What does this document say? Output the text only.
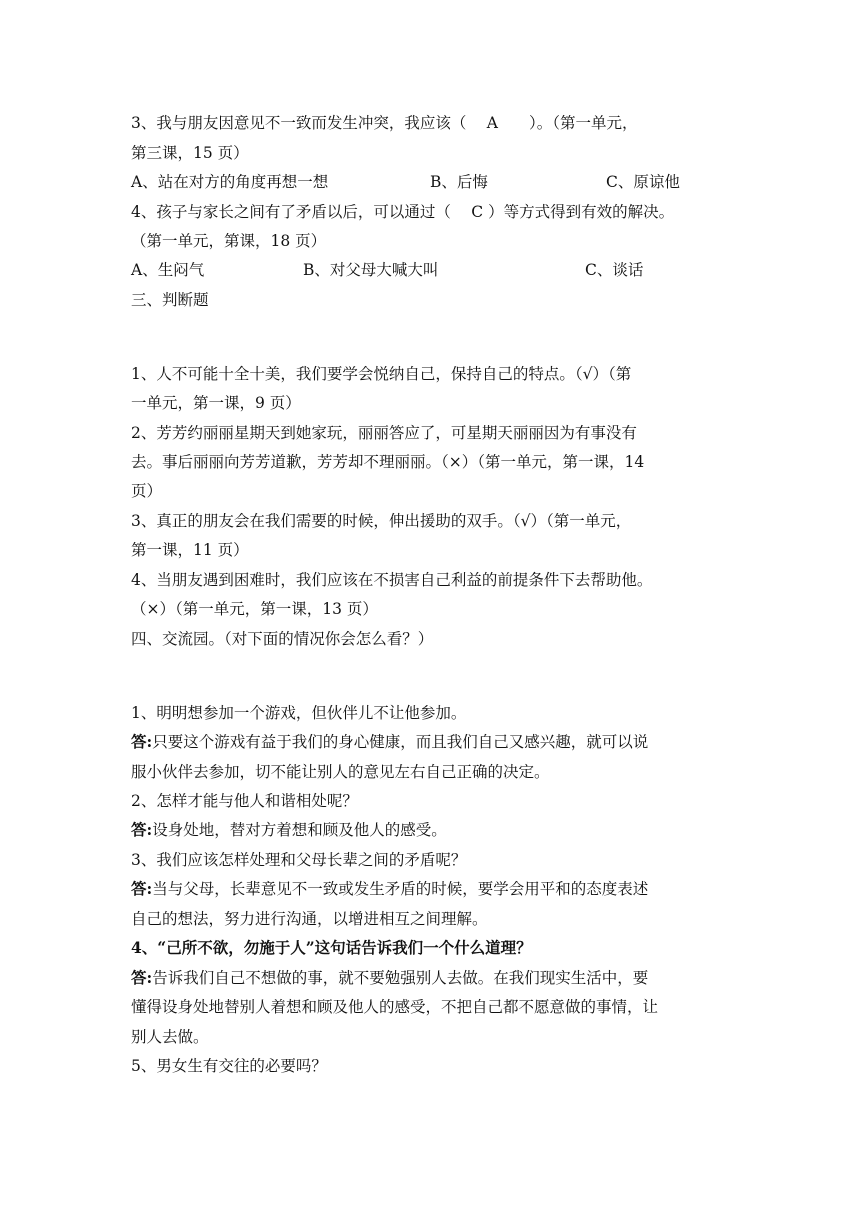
3、我与朋友因意见不一致而发生冲突，我应该（　 A　　）。（第一单元，
第三课，15 页）
A、站在对方的角度再想一想	B、后悔	C、原谅他
4、孩子与家长之间有了矛盾以后，可以通过（　 C ）等方式得到有效的解决。
（第一单元，第课，18 页）
A、生闷气	B、对父母大喊大叫	C、谈话
三、判断题
1、人不可能十全十美，我们要学会悦纳自己，保持自己的特点。（√）（第
一单元，第一课，9 页）
2、芳芳约丽丽星期天到她家玩，丽丽答应了，可星期天丽丽因为有事没有
去。事后丽丽向芳芳道歉，芳芳却不理丽丽。（×）（第一单元，第一课，14
页）
3、真正的朋友会在我们需要的时候，伸出援助的双手。（√）（第一单元，
第一课，11 页）
4、当朋友遇到困难时，我们应该在不损害自己利益的前提条件下去帮助他。
（×）（第一单元，第一课，13 页）
四、交流园。（对下面的情况你会怎么看？）
1、明明想参加一个游戏，但伙伴儿不让他参加。
答:只要这个游戏有益于我们的身心健康，而且我们自己又感兴趣，就可以说
服小伙伴去参加，切不能让别人的意见左右自己正确的决定。
2、怎样才能与他人和谐相处呢？
答:设身处地，替对方着想和顾及他人的感受。
3、我们应该怎样处理和父母长辈之间的矛盾呢？
答:当与父母，长辈意见不一致或发生矛盾的时候，要学会用平和的态度表述
自己的想法，努力进行沟通，以增进相互之间理解。
4、“己所不欲，勿施于人”这句话告诉我们一个什么道理？
答:告诉我们自己不想做的事，就不要勉强别人去做。在我们现实生活中，要
懂得设身处地替别人着想和顾及他人的感受，不把自己都不愿意做的事情，让
别人去做。
5、男女生有交往的必要吗？
